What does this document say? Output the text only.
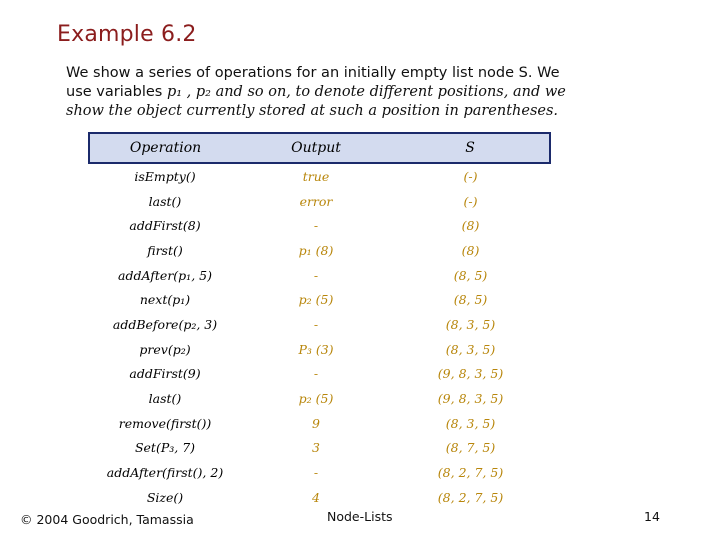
Example 6.2
We show a series of operations for an initially empty list node S. We
use variables p₁ , p₂ and so on, to denote different positions, and we
show the object currently stored at such a position in parentheses.
Operation	Output	S
isEmpty()	true	(-)
last()	error	(-)
addFirst(8)	-	(8)
first()	p₁ (8)	(8)
addAfter(p₁, 5)	-	(8, 5)
next(p₁)	p₂ (5)	(8, 5)
addBefore(p₂, 3)	-	(8, 3, 5)
prev(p₂)	P₃ (3)	(8, 3, 5)
addFirst(9)	-	(9, 8, 3, 5)
last()	p₂ (5)	(9, 8, 3, 5)
remove(first())	9	(8, 3, 5)
Set(P₃, 7)	3	(8, 7, 5)
addAfter(first(), 2)	-	(8, 2, 7, 5)
Size()	4	(8, 2, 7, 5)
© 2004 Goodrich, Tamassia	Node-Lists	14
